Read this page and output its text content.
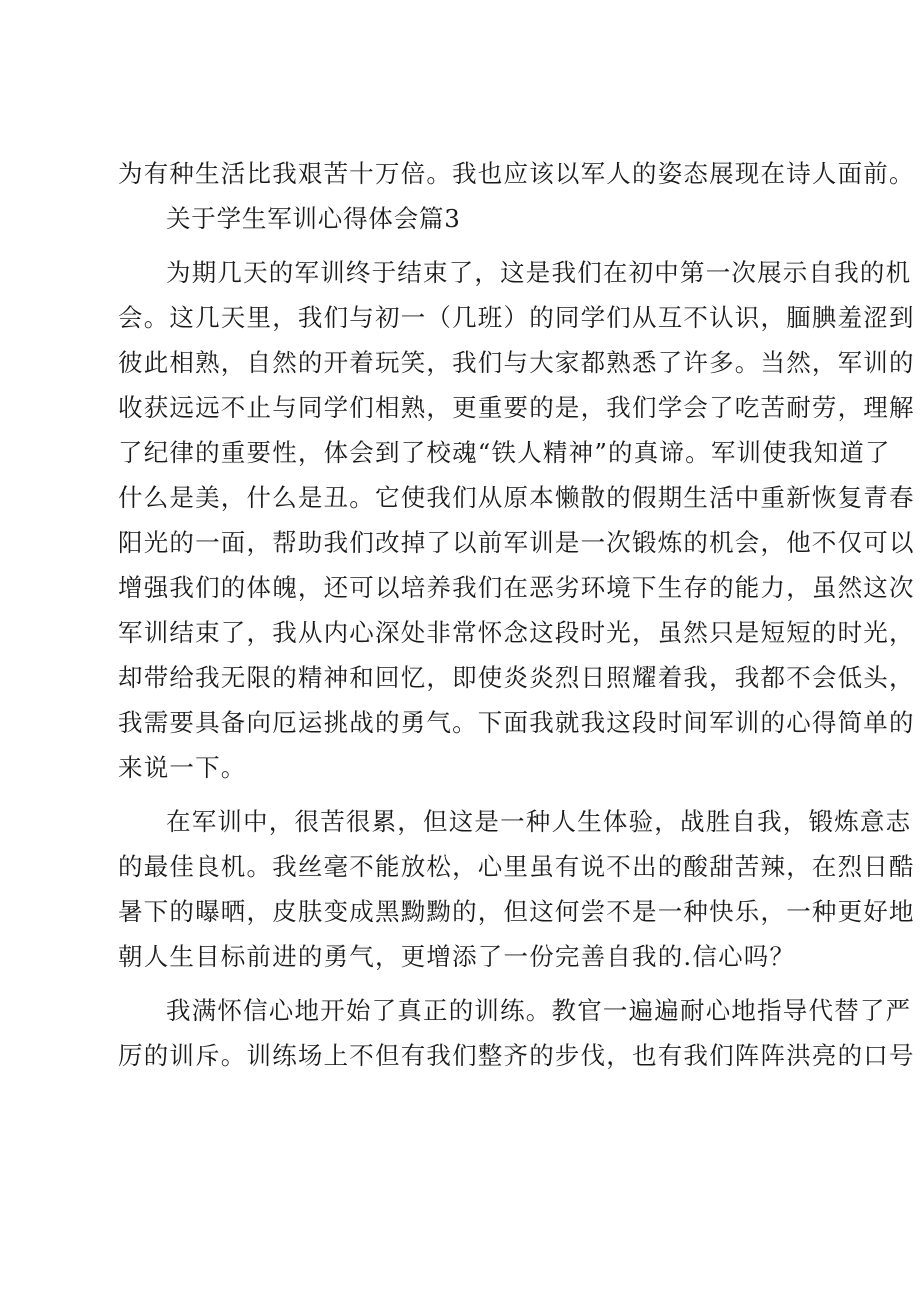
为有种生活比我艰苦十万倍。我也应该以军人的姿态展现在诗人面前。
关于学生军训心得体会篇3
为期几天的军训终于结束了，这是我们在初中第一次展示自我的机
会。这几天里，我们与初一（几班）的同学们从互不认识，腼腆羞涩到
彼此相熟，自然的开着玩笑，我们与大家都熟悉了许多。当然，军训的
收获远远不止与同学们相熟，更重要的是，我们学会了吃苦耐劳，理解
了纪律的重要性，体会到了校魂“铁人精神”的真谛。军训使我知道了
什么是美，什么是丑。它使我们从原本懒散的假期生活中重新恢复青春
阳光的一面，帮助我们改掉了以前军训是一次锻炼的机会，他不仅可以
增强我们的体魄，还可以培养我们在恶劣环境下生存的能力，虽然这次
军训结束了，我从内心深处非常怀念这段时光，虽然只是短短的时光，
却带给我无限的精神和回忆，即使炎炎烈日照耀着我，我都不会低头，
我需要具备向厄运挑战的勇气。下面我就我这段时间军训的心得简单的
来说一下。
在军训中，很苦很累，但这是一种人生体验，战胜自我，锻炼意志
的最佳良机。我丝毫不能放松，心里虽有说不出的酸甜苦辣，在烈日酷
暑下的曝晒，皮肤变成黑黝黝的，但这何尝不是一种快乐，一种更好地
朝人生目标前进的勇气，更增添了一份完善自我的.信心吗？
我满怀信心地开始了真正的训练。教官一遍遍耐心地指导代替了严
厉的训斥。训练场上不但有我们整齐的步伐，也有我们阵阵洪亮的口号
